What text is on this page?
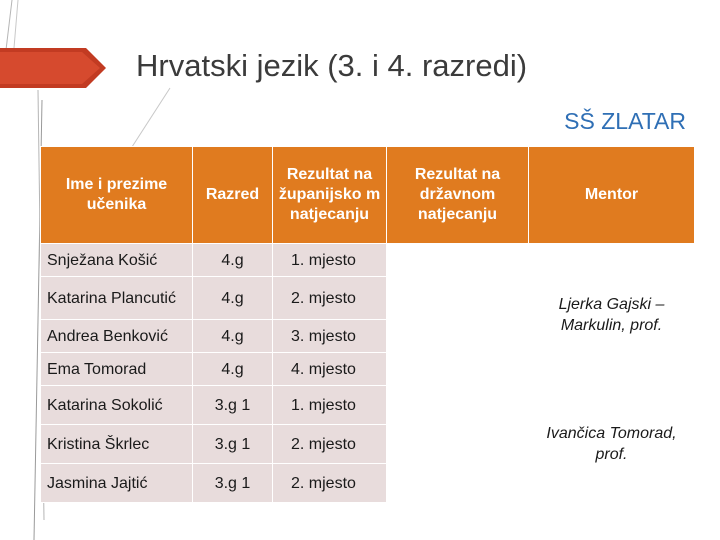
Hrvatski jezik (3. i 4. razredi)
SŠ ZLATAR
Ime i prezime učenika	Razred	Rezultat na županijsko m natjecanju	Rezultat na državnom natjecanju	Mentor
Snježana Košić	4.g	1. mjesto		Ljerka Gajski – Markulin, prof.
Katarina Plancutić	4.g	2. mjesto		
Andrea Benković	4.g	3. mjesto		
Ema Tomorad	4.g	4. mjesto		
Katarina Sokolić	3.g 1	1. mjesto		Ivančica Tomorad, prof.
Kristina Škrlec	3.g 1	2. mjesto		
Jasmina Jajtić	3.g 1	2. mjesto		
